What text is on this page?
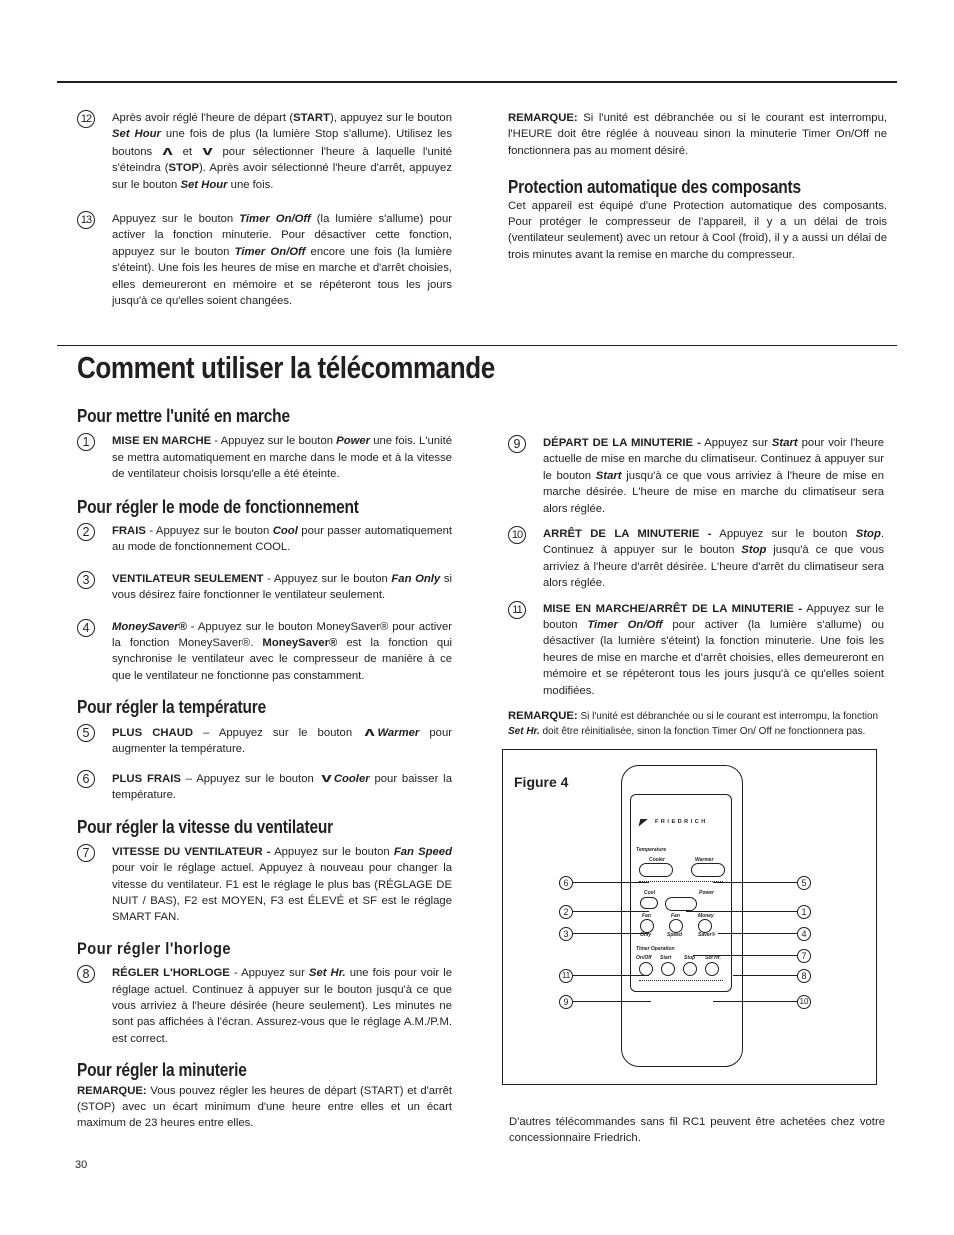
12	Après avoir réglé l'heure de départ (START), appuyez sur le bouton Set Hour une fois de plus (la lumière Stop s'allume). Utilisez les boutons ʌ et v pour sélectionner l'heure à laquelle l'unité s'éteindra (STOP). Après avoir sélectionné l'heure d'arrêt, appuyez sur le bouton Set Hour une fois.

13	Appuyez sur le bouton Timer On/Off (la lumière s'allume) pour activer la fonction minuterie. Pour désactiver cette fonction, appuyez sur le bouton Timer On/Off encore une fois (la lumière s'éteint). Une fois les heures de mise en marche et d'arrêt choisies, elles demeureront en mémoire et se répéteront tous les jours jusqu'à ce qu'elles soient changées.

REMARQUE: Si l'unité est débranchée ou si le courant est interrompu, l'HEURE doit être réglée à nouveau sinon la minuterie Timer On/Off ne fonctionnera pas au moment désiré.

Protection automatique des composants

Cet appareil est équipé d'une Protection automatique des composants. Pour protéger le compresseur de l'appareil, il y a un délai de trois (ventilateur seulement) avec un retour à Cool (froid), il y a aussi un délai de trois minutes avant la remise en marche du compresseur.

Comment utiliser la télécommande
Pour mettre l'unité en marche
1	MISE EN MARCHE - Appuyez sur le bouton Power une fois. L'unité se mettra automatiquement en marche dans le mode et à la vitesse de ventilateur choisis lorsqu'elle a été éteinte.

Pour régler le mode de fonctionnement
2	FRAIS - Appuyez sur le bouton Cool pour passer automatiquement au mode de fonctionnement COOL.

3	VENTILATEUR SEULEMENT - Appuyez sur le bouton Fan Only si vous désirez faire fonctionner le ventilateur seulement.

4	MoneySaver® - Appuyez sur le bouton MoneySaver® pour activer la fonction MoneySaver®. MoneySaver® est la fonction qui synchronise le ventilateur avec le compresseur de manière à ce que le ventilateur ne fonctionne pas constamment.

Pour régler la température
5	PLUS CHAUD – Appuyez sur le bouton ʌ Warmer pour augmenter la température.

6	PLUS FRAIS – Appuyez sur le bouton v Cooler pour baisser la température.

Pour régler la vitesse du ventilateur
7	VITESSE DU VENTILATEUR - Appuyez sur le bouton Fan Speed pour voir le réglage actuel. Appuyez à nouveau pour changer la vitesse du ventilateur. F1 est le réglage le plus bas (RÉGLAGE DE NUIT / BAS), F2 est MOYEN, F3 est ÉLEVÉ et SF est le réglage SMART FAN.

Pour régler l'horloge
8	RÉGLER L'HORLOGE - Appuyez sur Set Hr. une fois pour voir le réglage actuel. Continuez à appuyer sur le bouton jusqu'à ce que vous arriviez à l'heure désirée (heure seulement). Les minutes ne sont pas affichées à l'écran. Assurez-vous que le réglage A.M./P.M. est correct.

Pour régler la minuterie

REMARQUE: Vous pouvez régler les heures de départ (START) et d'arrêt (STOP) avec un écart minimum d'une heure entre elles et un écart maximum de 23 heures entre elles.

9	DÉPART DE LA MINUTERIE - Appuyez sur Start pour voir l'heure actuelle de mise en marche du climatiseur. Continuez à appuyer sur le bouton Start jusqu'à ce que vous arriviez à l'heure de mise en marche désirée. L'heure de mise en marche du climatiseur sera alors réglée.

10	ARRÊT DE LA MINUTERIE - Appuyez sur le bouton Stop. Continuez à appuyer sur le bouton Stop jusqu'à ce que vous arriviez à l'heure d'arrêt désirée. L'heure d'arrêt du climatiseur sera alors réglée.

11	MISE EN MARCHE/ARRÊT DE LA MINUTERIE - Appuyez sur le bouton Timer On/Off pour activer (la lumière s'allume) ou désactiver (la lumière s'éteint) la fonction minuterie. Une fois les heures de mise en marche et d'arrêt choisies, elles demeureront en mémoire et se répéteront tous les jours jusqu'à ce qu'elles soient modifiées.

REMARQUE: Si l'unité est débranchée ou si le courant est interrompu, la fonction Set Hr. doit être réinitialisée, sinon la fonction Timer On/ Off ne fonctionnera pas.

Figure 4
◤ F R I E D R I C H
Temperature
Cooler	Warmer
Cool	Power
Fan	Fan	Money
Only	Speed	Saver®
Timer Operation
On/Off Start	Stop Set Hr.
6
2
3
11
9
5
1
4
7
8
10

D'autres télécommandes sans fil RC1 peuvent être achetées chez votre concessionnaire Friedrich.

30
